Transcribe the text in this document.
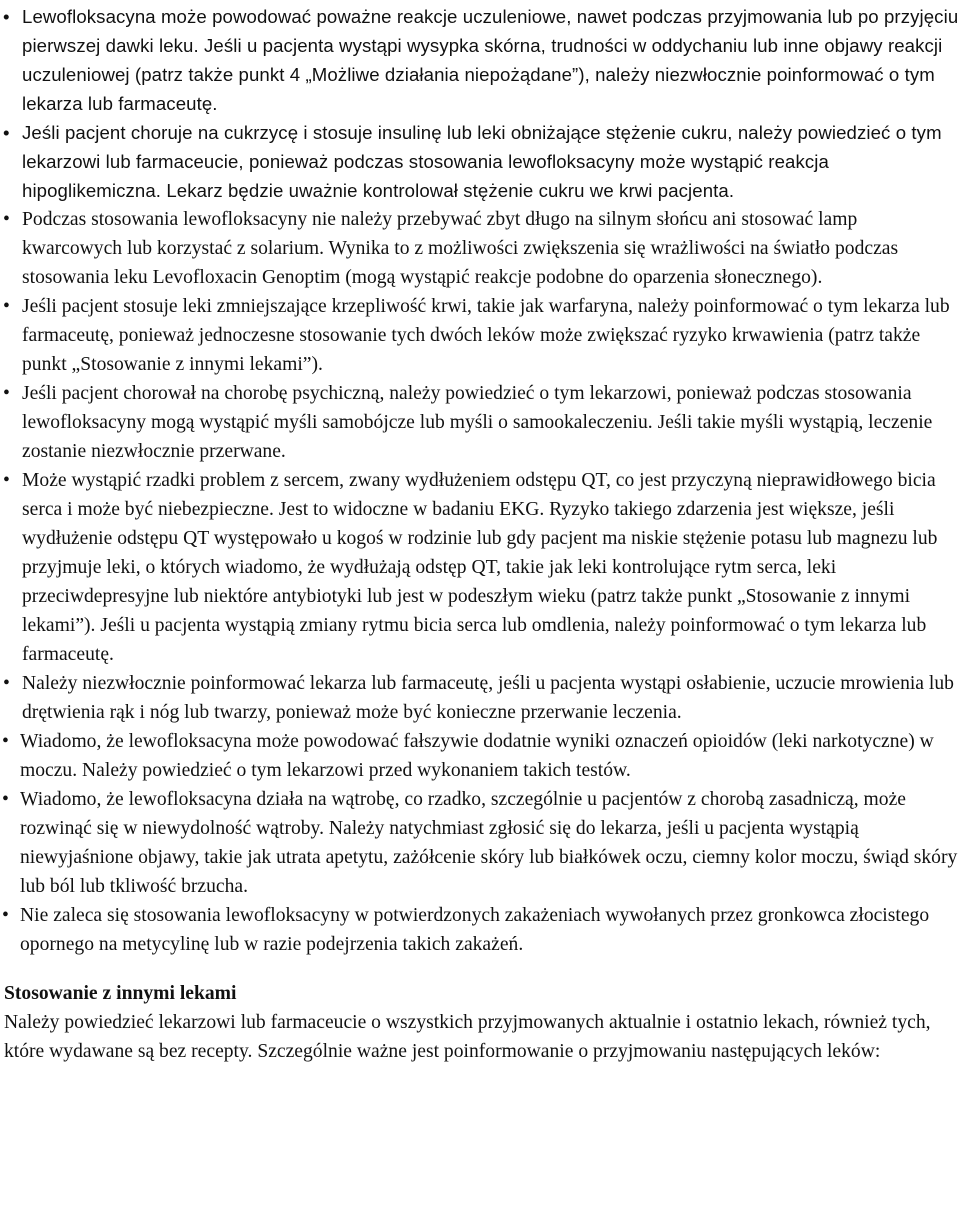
• Lewofloksacyna może powodować poważne reakcje uczuleniowe, nawet podczas przyjmowania lub po przyjęciu pierwszej dawki leku. Jeśli u pacjenta wystąpi wysypka skórna, trudności w oddychaniu lub inne objawy reakcji uczuleniowej (patrz także punkt 4 „Możliwe działania niepożądane”), należy niezwłocznie poinformować o tym lekarza lub farmaceutę.
• Jeśli pacjent choruje na cukrzycę i stosuje insulinę lub leki obniżające stężenie cukru, należy powiedzieć o tym lekarzowi lub farmaceucie, ponieważ podczas stosowania lewofloksacyny może wystąpić reakcja hipoglikemiczna. Lekarz będzie uważnie kontrolował stężenie cukru we krwi pacjenta.
• Podczas stosowania lewofloksacyny nie należy przebywać zbyt długo na silnym słońcu ani stosować lamp kwarcowych lub korzystać z solarium. Wynika to z możliwości zwiększenia się wrażliwości na światło podczas stosowania leku Levofloxacin Genoptim (mogą wystąpić reakcje podobne do oparzenia słonecznego).
• Jeśli pacjent stosuje leki zmniejszające krzepliwość krwi, takie jak warfaryna, należy poinformować o tym lekarza lub farmaceutę, ponieważ jednoczesne stosowanie tych dwóch leków może zwiększać ryzyko krwawienia (patrz także punkt „Stosowanie z innymi lekami”).
• Jeśli pacjent chorował na chorobę psychiczną, należy powiedzieć o tym lekarzowi, ponieważ podczas stosowania lewofloksacyny mogą wystąpić myśli samobójcze lub myśli o samookaleczeniu. Jeśli takie myśli wystąpią, leczenie zostanie niezwłocznie przerwane.
• Może wystąpić rzadki problem z sercem, zwany wydłużeniem odstępu QT, co jest przyczyną nieprawidłowego bicia serca i może być niebezpieczne. Jest to widoczne w badaniu EKG. Ryzyko takiego zdarzenia jest większe, jeśli wydłużenie odstępu QT występowało u kogoś w rodzinie lub gdy pacjent ma niskie stężenie potasu lub magnezu lub przyjmuje leki, o których wiadomo, że wydłużają odstęp QT, takie jak leki kontrolujące rytm serca, leki przeciwdepresyjne lub niektóre antybiotyki lub jest w podeszłym wieku (patrz także punkt „Stosowanie z innymi lekami”). Jeśli u pacjenta wystąpią zmiany rytmu bicia serca lub omdlenia, należy poinformować o tym lekarza lub farmaceutę.
• Należy niezwłocznie poinformować lekarza lub farmaceutę, jeśli u pacjenta wystąpi osłabienie, uczucie mrowienia lub drętwienia rąk i nóg lub twarzy, ponieważ może być konieczne przerwanie leczenia.
• Wiadomo, że lewofloksacyna może powodować fałszywie dodatnie wyniki oznaczeń opioidów (leki narkotyczne) w moczu. Należy powiedzieć o tym lekarzowi przed wykonaniem takich testów.
• Wiadomo, że lewofloksacyna działa na wątrobę, co rzadko, szczególnie u pacjentów z chorobą zasadniczą, może rozwinąć się w niewydolność wątroby. Należy natychmiast zgłosić się do lekarza, jeśli u pacjenta wystąpią niewyjaśnione objawy, takie jak utrata apetytu, zażółcenie skóry lub białkówek oczu, ciemny kolor moczu, świąd skóry lub ból lub tkliwość brzucha.
• Nie zaleca się stosowania lewofloksacyny w potwierdzonych zakażeniach wywołanych przez gronkowca złocistego opornego na metycylinę lub w razie podejrzenia takich zakażeń.
Stosowanie z innymi lekami

Należy powiedzieć lekarzowi lub farmaceucie o wszystkich przyjmowanych aktualnie i ostatnio lekach, również tych, które wydawane są bez recepty. Szczególnie ważne jest poinformowanie o przyjmowaniu następujących leków:
